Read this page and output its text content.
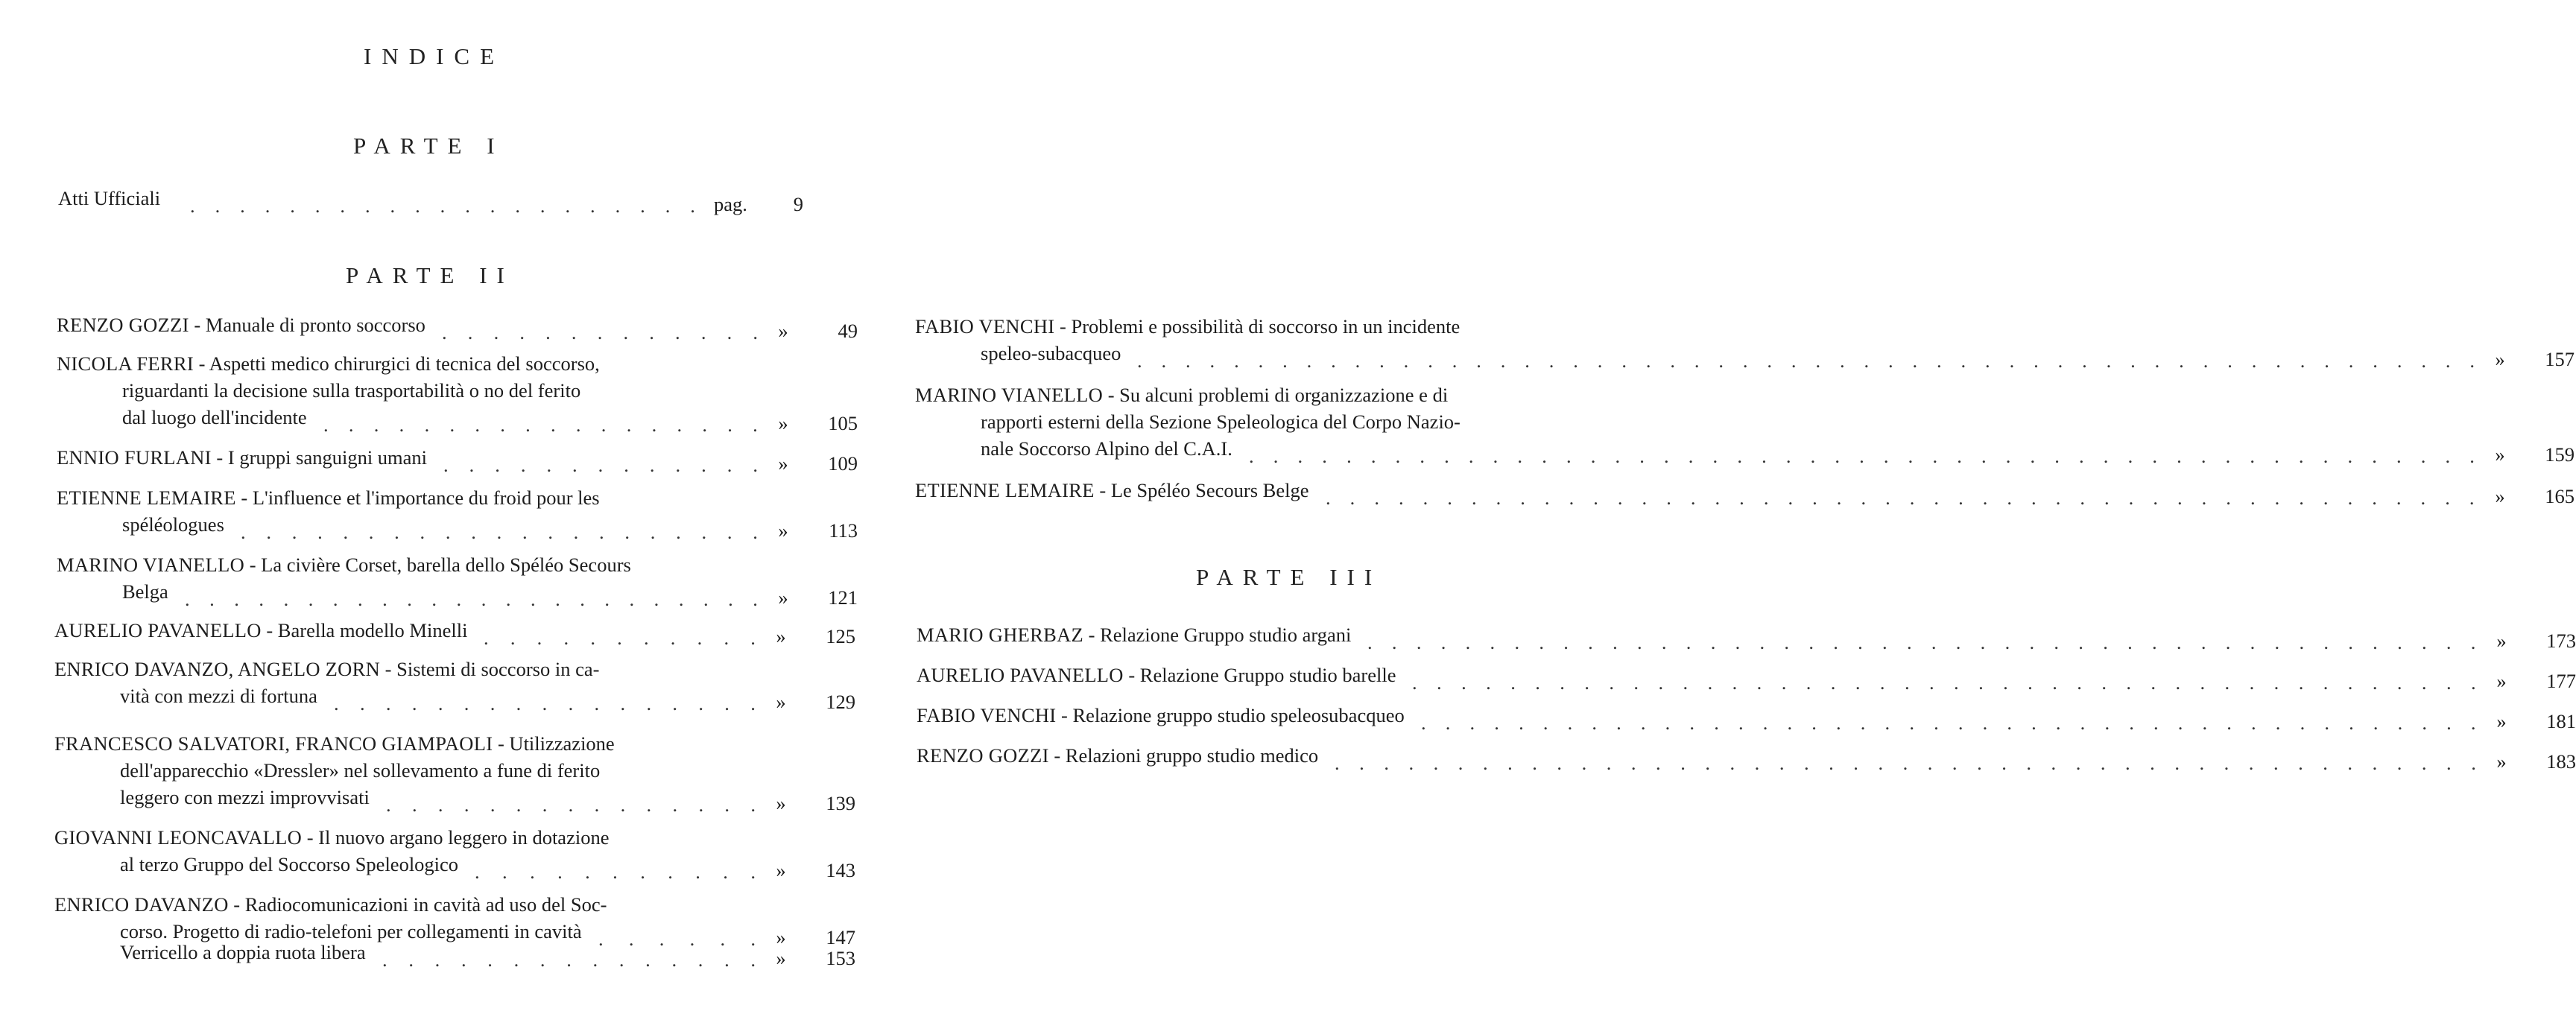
INDICE
PARTE I
Atti Ufficiali . . . . . . . . . . . . . . . . . . . . . pag.	9
PARTE II
RENZO GOZZI - Manuale di pronto soccorso . . . . . . . . . . . . .	»	49
NICOLA FERRI - Aspetti medico chirurgici di tecnica del soccorso,
riguardanti la decisione sulla trasportabilità o no del ferito
dal luogo dell'incidente . . . . . . . . . . . . . . . . . .	»	105
ENNIO FURLANI - I gruppi sanguigni umani . . . . . . . . . . . . .	»	109
ETIENNE LEMAIRE - L'influence et l'importance du froid pour les
spéléologues . . . . . . . . . . . . . . . . . . . . .	»	113
MARINO VIANELLO - La civière Corset, barella dello Spéléo Secours
Belga . . . . . . . . . . . . . . . . . . . . . . . .	»	121
AURELIO PAVANELLO - Barella modello Minelli . . . . . . . . . . .	»	125
ENRICO DAVANZO, ANGELO ZORN - Sistemi di soccorso in ca-
vità con mezzi di fortuna . . . . . . . . . . . . . . . . .	»	129
FRANCESCO SALVATORI, FRANCO GIAMPAOLI - Utilizzazione
dell'apparecchio «Dressler» nel sollevamento a fune di ferito
leggero con mezzi improvvisati . . . . . . . . . . . . . . .	»	139
GIOVANNI LEONCAVALLO - Il nuovo argano leggero in dotazione
al terzo Gruppo del Soccorso Speleologico . . . . . . . . . . .	»	143
ENRICO DAVANZO - Radiocomunicazioni in cavità ad uso del Soc-
corso. Progetto di radio-telefoni per collegamenti in cavità . . . . . .	»	147
Verricello a doppia ruota libera . . . . . . . . . . . . . . .	»	153
FABIO VENCHI - Problemi e possibilità di soccorso in un incidente
speleo-subacqueo . . . . . . . . . . . . . . . . . . . . . . . . . . . . . . . . . . . . . . . . . . . . . . . . . . . . . . . .	»	157
MARINO VIANELLO - Su alcuni problemi di organizzazione e di
rapporti esterni della Sezione Speleologica del Corpo Nazio-
nale Soccorso Alpino del C.A.I. . . . . . . . . . . . . . . . . . . . . . . . . . . . . . . . . . . . . . . . . . . . . . . . . . . .	»	159
ETIENNE LEMAIRE - Le Spéléo Secours Belge . . . . . . . . . . . . . . . . . . . . . . . . . . . . . . . . . . . . . . . . . . . . . . . .	»	165
PARTE III
MARIO GHERBAZ - Relazione Gruppo studio argani . . . . . . . . . . . . . . . . . . . . . . . . . . . . . . . . . . . . . . . . . . . . . .	»	173
AURELIO PAVANELLO - Relazione Gruppo studio barelle . . . . . . . . . . . . . . . . . . . . . . . . . . . . . . . . . . . . . . . . . . . .	»	177
FABIO VENCHI - Relazione gruppo studio speleosubacqueo . . . . . . . . . . . . . . . . . . . . . . . . . . . . . . . . . . . . . . . . . . . .	»	181
RENZO GOZZI - Relazioni gruppo studio medico . . . . . . . . . . . . . . . . . . . . . . . . . . . . . . . . . . . . . . . . . . . . . . .	»	183
